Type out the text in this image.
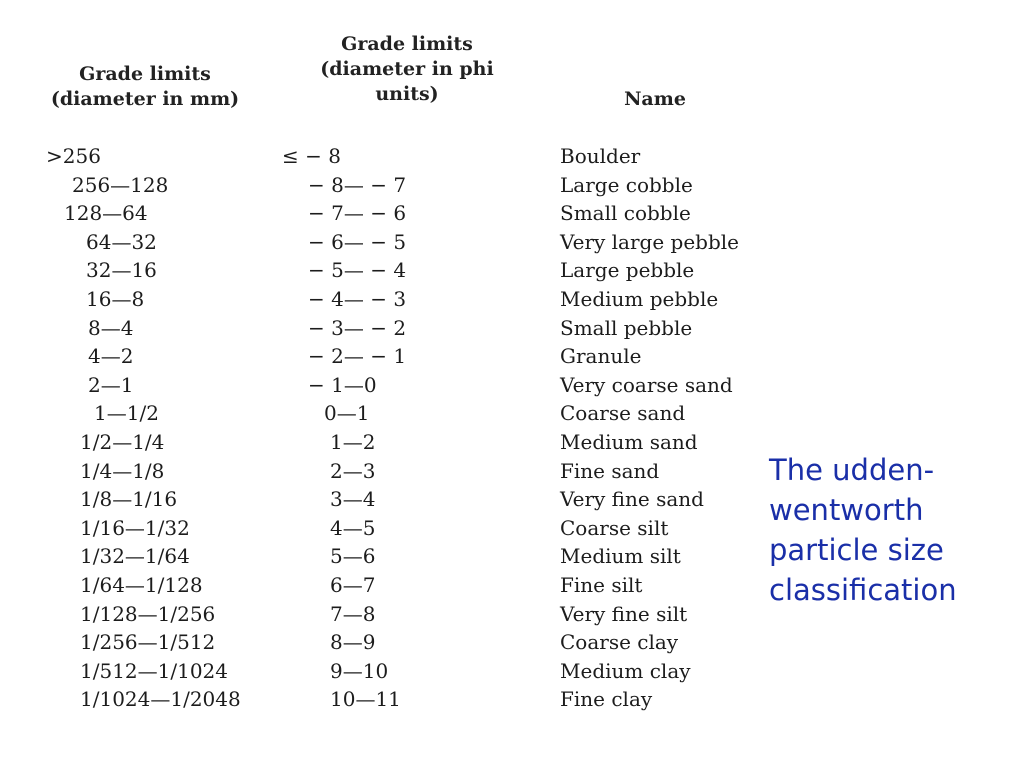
Grade limits
(diameter in mm)
Grade limits
(diameter in phi
units)	Name
>256	≤ − 8	Boulder
256—128	− 8— − 7	Large cobble
128—64	− 7— − 6	Small cobble
64—32	− 6— − 5	Very large pebble
32—16	− 5— − 4	Large pebble
16—8	− 4— − 3	Medium pebble
8—4	− 3— − 2	Small pebble
4—2	− 2— − 1	Granule
2—1	− 1—0	Very coarse sand
1—1/2	0—1	Coarse sand
1/2—1/4	1—2	Medium sand
1/4—1/8	2—3	Fine sand
1/8—1/16	3—4	Very fine sand
1/16—1/32	4—5	Coarse silt
1/32—1/64	5—6	Medium silt
1/64—1/128	6—7	Fine silt
1/128—1/256	7—8	Very fine silt
1/256—1/512	8—9	Coarse clay
1/512—1/1024	9—10	Medium clay
1/1024—1/2048	10—11	Fine clay
The udden-
wentworth
particle size
classification
